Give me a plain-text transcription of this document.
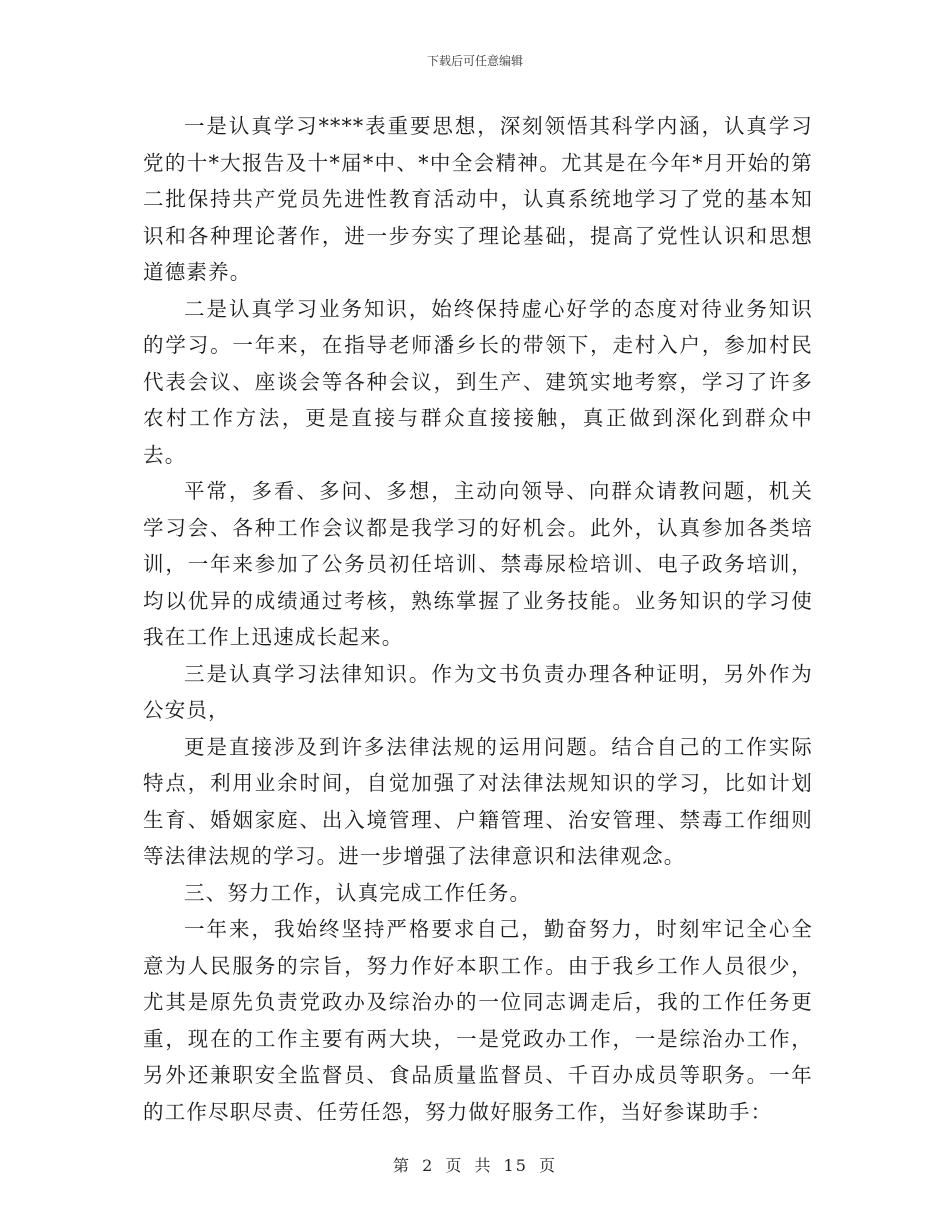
下载后可任意编辑

一是认真学习****表重要思想，深刻领悟其科学内涵，认真学习党的十*大报告及十*届*中、*中全会精神。尤其是在今年*月开始的第二批保持共产党员先进性教育活动中，认真系统地学习了党的基本知识和各种理论著作，进一步夯实了理论基础，提高了党性认识和思想道德素养。

二是认真学习业务知识，始终保持虚心好学的态度对待业务知识的学习。一年来，在指导老师潘乡长的带领下，走村入户，参加村民代表会议、座谈会等各种会议，到生产、建筑实地考察，学习了许多农村工作方法，更是直接与群众直接接触，真正做到深化到群众中去。

平常，多看、多问、多想，主动向领导、向群众请教问题，机关学习会、各种工作会议都是我学习的好机会。此外，认真参加各类培训，一年来参加了公务员初任培训、禁毒尿检培训、电子政务培训，均以优异的成绩通过考核，熟练掌握了业务技能。业务知识的学习使我在工作上迅速成长起来。

三是认真学习法律知识。作为文书负责办理各种证明，另外作为公安员，

更是直接涉及到许多法律法规的运用问题。结合自己的工作实际特点，利用业余时间，自觉加强了对法律法规知识的学习，比如计划生育、婚姻家庭、出入境管理、户籍管理、治安管理、禁毒工作细则等法律法规的学习。进一步增强了法律意识和法律观念。

三、努力工作，认真完成工作任务。

一年来，我始终坚持严格要求自己，勤奋努力，时刻牢记全心全意为人民服务的宗旨，努力作好本职工作。由于我乡工作人员很少，尤其是原先负责党政办及综治办的一位同志调走后，我的工作任务更重，现在的工作主要有两大块，一是党政办工作，一是综治办工作，另外还兼职安全监督员、食品质量监督员、千百办成员等职务。一年的工作尽职尽责、任劳任怨，努力做好服务工作，当好参谋助手：

第 2 页 共 15 页
